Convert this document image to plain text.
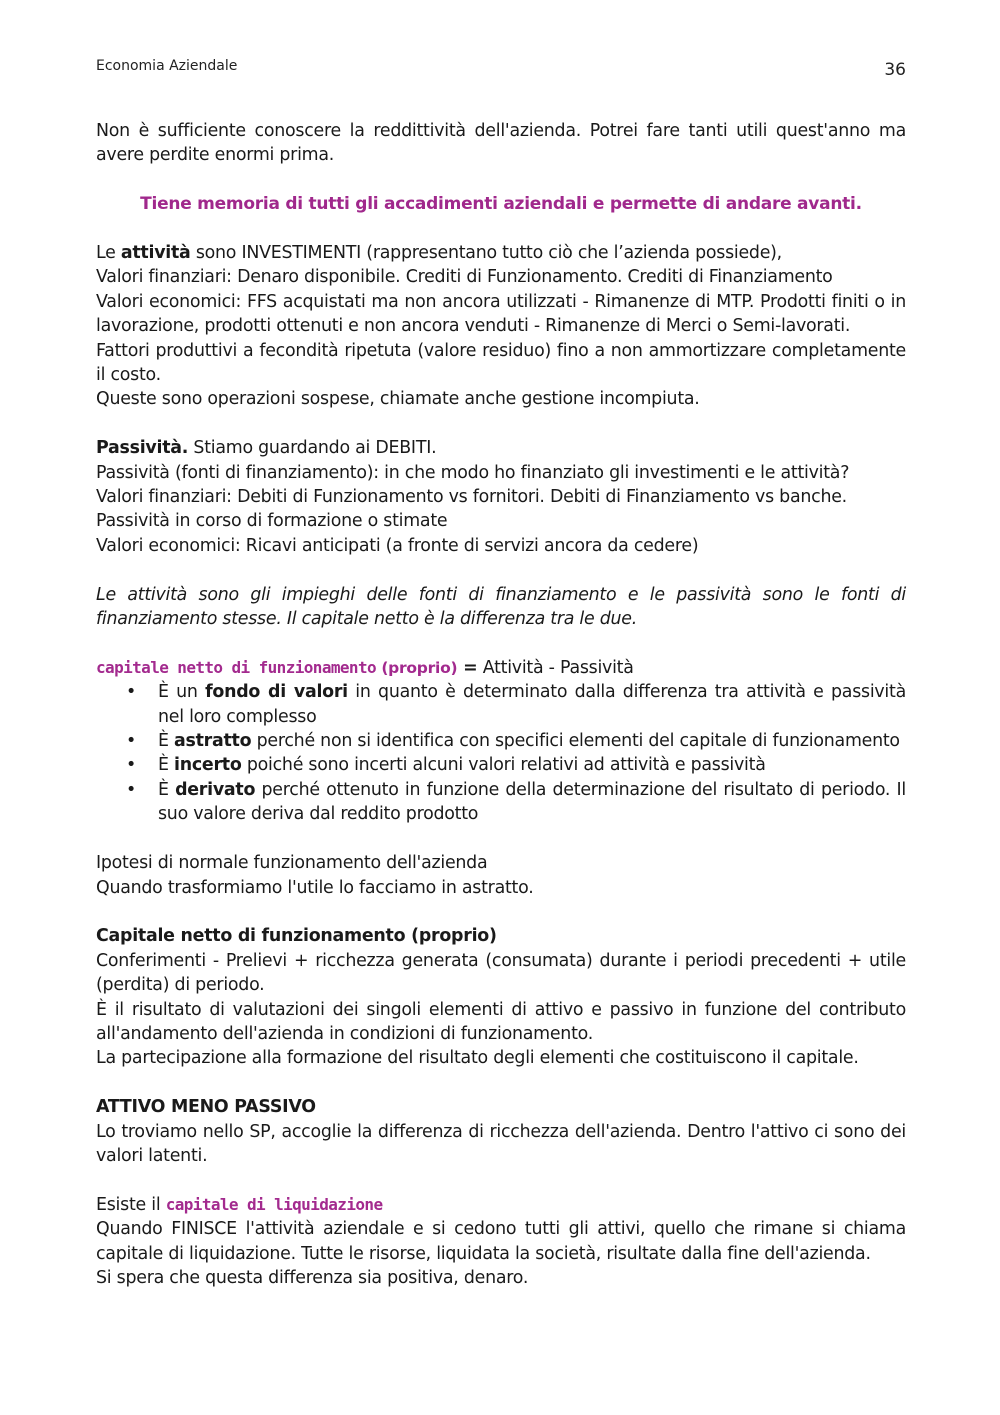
Economia Aziendale	36

Non è sufficiente conoscere la reddittività dell'azienda. Potrei fare tanti utili quest'anno ma avere perdite enormi prima.

Tiene memoria di tutti gli accadimenti aziendali e permette di andare avanti.

Le attività sono INVESTIMENTI (rappresentano tutto ciò che l’azienda possiede),

Valori finanziari: Denaro disponibile. Crediti di Funzionamento. Crediti di Finanziamento

Valori economici: FFS acquistati ma non ancora utilizzati - Rimanenze di MTP. Prodotti finiti o in lavorazione, prodotti ottenuti e non ancora venduti - Rimanenze di Merci o Semi-lavorati.

Fattori produttivi a fecondità ripetuta (valore residuo) fino a non ammortizzare completamente il costo.

Queste sono operazioni sospese, chiamate anche gestione incompiuta.

Passività. Stiamo guardando ai DEBITI.

Passività (fonti di finanziamento): in che modo ho finanziato gli investimenti e le attività?

Valori finanziari: Debiti di Funzionamento vs fornitori. Debiti di Finanziamento vs banche.

Passività in corso di formazione o stimate

Valori economici: Ricavi anticipati (a fronte di servizi ancora da cedere)

Le attività sono gli impieghi delle fonti di finanziamento e le passività sono le fonti di finanziamento stesse. Il capitale netto è la differenza tra le due.

capitale netto di funzionamento (proprio) = Attività - Passività

• È un fondo di valori in quanto è determinato dalla differenza tra attività e passività nel loro complesso
• È astratto perché non si identifica con specifici elementi del capitale di funzionamento
• È incerto poiché sono incerti alcuni valori relativi ad attività e passività
• È derivato perché ottenuto in funzione della determinazione del risultato di periodo. Il suo valore deriva dal reddito prodotto

Ipotesi di normale funzionamento dell'azienda

Quando trasformiamo l'utile lo facciamo in astratto.

Capitale netto di funzionamento (proprio)

Conferimenti - Prelievi + ricchezza generata (consumata) durante i periodi precedenti + utile (perdita) di periodo.

È il risultato di valutazioni dei singoli elementi di attivo e passivo in funzione del contributo all'andamento dell'azienda in condizioni di funzionamento.

La partecipazione alla formazione del risultato degli elementi che costituiscono il capitale.

ATTIVO MENO PASSIVO

Lo troviamo nello SP, accoglie la differenza di ricchezza dell'azienda. Dentro l'attivo ci sono dei valori latenti.

Esiste il capitale di liquidazione

Quando FINISCE l'attività aziendale e si cedono tutti gli attivi, quello che rimane si chiama capitale di liquidazione. Tutte le risorse, liquidata la società, risultate dalla fine dell'azienda.

Si spera che questa differenza sia positiva, denaro.
